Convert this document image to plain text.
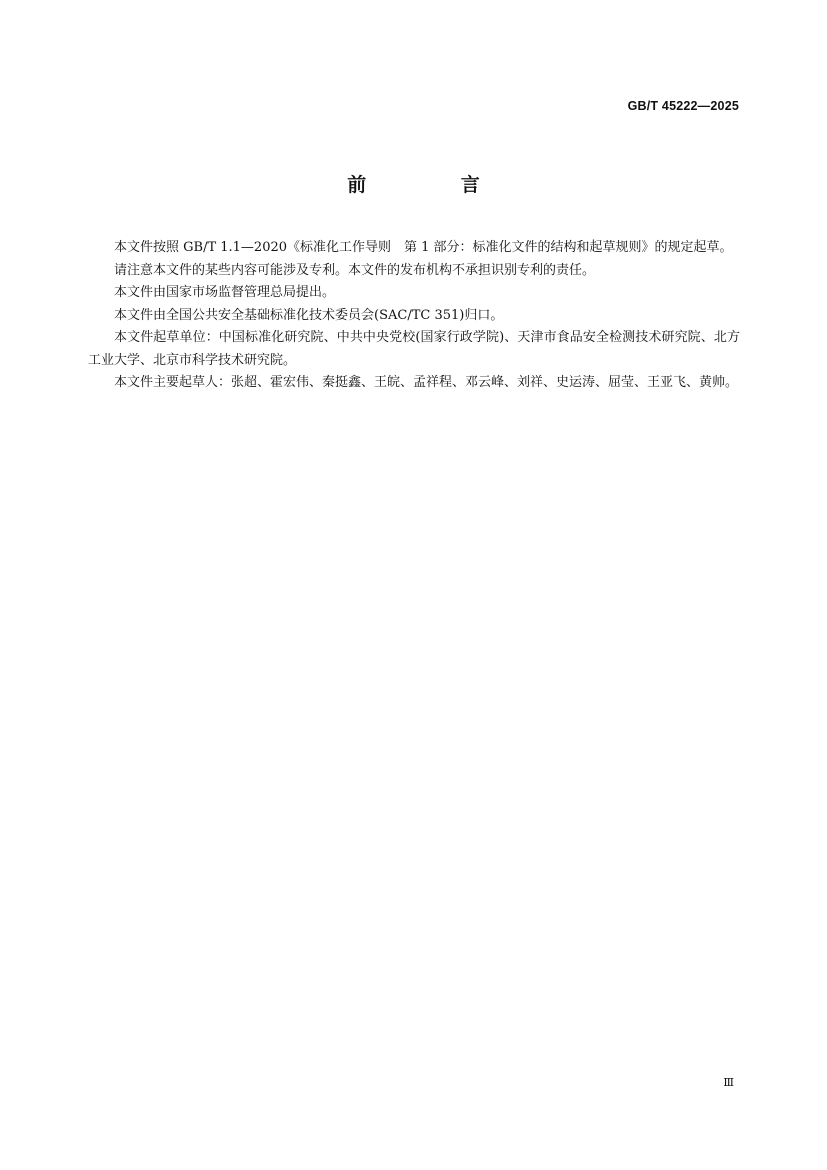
GB/T 45222—2025
前 言

本文件按照 GB/T 1.1—2020《标准化工作导则　第 1 部分：标准化文件的结构和起草规则》的规定起草。

请注意本文件的某些内容可能涉及专利。本文件的发布机构不承担识别专利的责任。

本文件由国家市场监督管理总局提出。

本文件由全国公共安全基础标准化技术委员会(SAC/TC 351)归口。

本文件起草单位：中国标准化研究院、中共中央党校(国家行政学院)、天津市食品安全检测技术研究院、北方工业大学、北京市科学技术研究院。

本文件主要起草人：张超、霍宏伟、秦挺鑫、王皖、孟祥程、邓云峰、刘祥、史运涛、屈莹、王亚飞、黄帅。

Ⅲ
